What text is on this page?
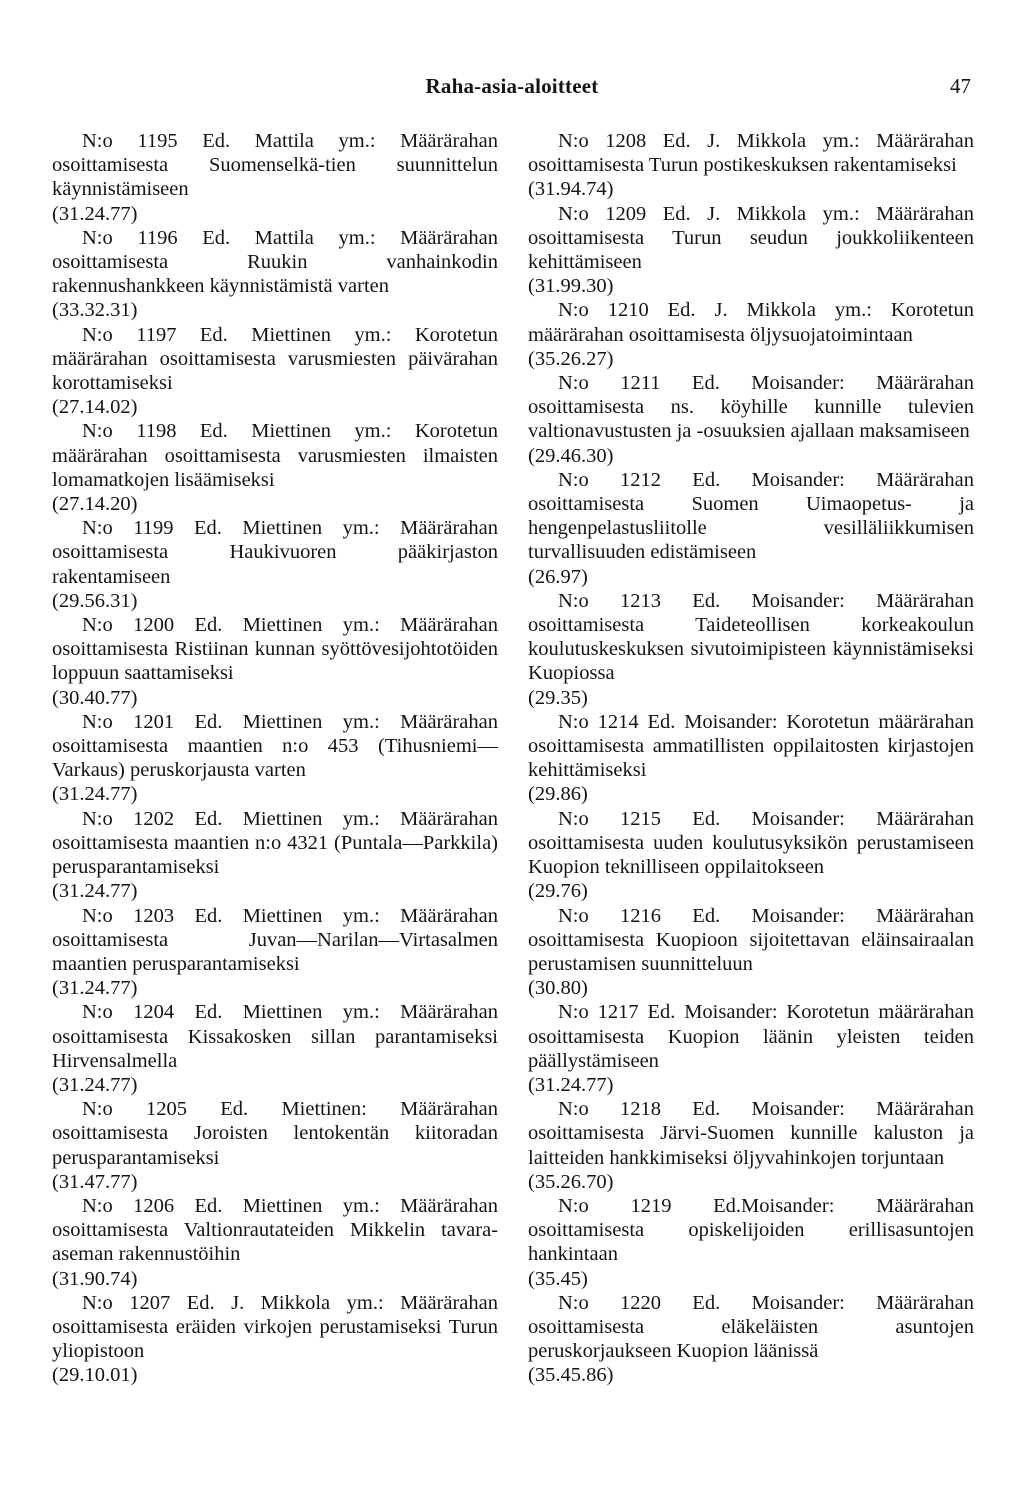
Raha-asia-aloitteet	47

N:o 1195 Ed. Mattila ym.: Määrärahan osoittamisesta Suomenselkä-tien suunnittelun käynnistämiseen

(31.24.77)

N:o 1196 Ed. Mattila ym.: Määrärahan osoittamisesta Ruukin vanhainkodin rakennushankkeen käynnistämistä varten

(33.32.31)

N:o 1197 Ed. Miettinen ym.: Korotetun määrärahan osoittamisesta varusmiesten päivärahan korottamiseksi

(27.14.02)

N:o 1198 Ed. Miettinen ym.: Korotetun määrärahan osoittamisesta varusmiesten ilmaisten lomamatkojen lisäämiseksi

(27.14.20)

N:o 1199 Ed. Miettinen ym.: Määrärahan osoittamisesta Haukivuoren pääkirjaston rakentamiseen

(29.56.31)

N:o 1200 Ed. Miettinen ym.: Määrärahan osoittamisesta Ristiinan kunnan syöttövesijohtotöiden loppuun saattamiseksi

(30.40.77)

N:o 1201 Ed. Miettinen ym.: Määrärahan osoittamisesta maantien n:o 453 (Tihusniemi—Varkaus) peruskorjausta varten

(31.24.77)

N:o 1202 Ed. Miettinen ym.: Määrärahan osoittamisesta maantien n:o 4321 (Puntala—Parkkila) perusparantamiseksi

(31.24.77)

N:o 1203 Ed. Miettinen ym.: Määrärahan osoittamisesta Juvan—Narilan—Virtasalmen maantien perusparantamiseksi

(31.24.77)

N:o 1204 Ed. Miettinen ym.: Määrärahan osoittamisesta Kissakosken sillan parantamiseksi Hirvensalmella

(31.24.77)

N:o 1205 Ed. Miettinen: Määrärahan osoittamisesta Joroisten lentokentän kiitoradan perusparantamiseksi

(31.47.77)

N:o 1206 Ed. Miettinen ym.: Määrärahan osoittamisesta Valtionrautateiden Mikkelin tavara-aseman rakennustöihin

(31.90.74)

N:o 1207 Ed. J. Mikkola ym.: Määrärahan osoittamisesta eräiden virkojen perustamiseksi Turun yliopistoon

(29.10.01)

N:o 1208 Ed. J. Mikkola ym.: Määrärahan osoittamisesta Turun postikeskuksen rakentamiseksi

(31.94.74)

N:o 1209 Ed. J. Mikkola ym.: Määrärahan osoittamisesta Turun seudun joukkoliikenteen kehittämiseen

(31.99.30)

N:o 1210 Ed. J. Mikkola ym.: Korotetun määrärahan osoittamisesta öljysuojatoimintaan

(35.26.27)

N:o 1211 Ed. Moisander: Määrärahan osoittamisesta ns. köyhille kunnille tulevien valtionavustusten ja -osuuksien ajallaan maksamiseen

(29.46.30)

N:o 1212 Ed. Moisander: Määrärahan osoittamisesta Suomen Uimaopetus- ja hengenpelastusliitolle vesilläliikkumisen turvallisuuden edistämiseen

(26.97)

N:o 1213 Ed. Moisander: Määrärahan osoittamisesta Taideteollisen korkeakoulun koulutuskeskuksen sivutoimipisteen käynnistämiseksi Kuopiossa

(29.35)

N:o 1214 Ed. Moisander: Korotetun määrärahan osoittamisesta ammatillisten oppilaitosten kirjastojen kehittämiseksi

(29.86)

N:o 1215 Ed. Moisander: Määrärahan osoittamisesta uuden koulutusyksikön perustamiseen Kuopion teknilliseen oppilaitokseen

(29.76)

N:o 1216 Ed. Moisander: Määrärahan osoittamisesta Kuopioon sijoitettavan eläinsairaalan perustamisen suunnitteluun

(30.80)

N:o 1217 Ed. Moisander: Korotetun määrärahan osoittamisesta Kuopion läänin yleisten teiden päällystämiseen

(31.24.77)

N:o 1218 Ed. Moisander: Määrärahan osoittamisesta Järvi-Suomen kunnille kaluston ja laitteiden hankkimiseksi öljyvahinkojen torjuntaan

(35.26.70)

N:o 1219 Ed.Moisander: Määrärahan osoittamisesta opiskelijoiden erillisasuntojen hankintaan

(35.45)

N:o 1220 Ed. Moisander: Määrärahan osoittamisesta eläkeläisten asuntojen peruskorjaukseen Kuopion läänissä

(35.45.86)
